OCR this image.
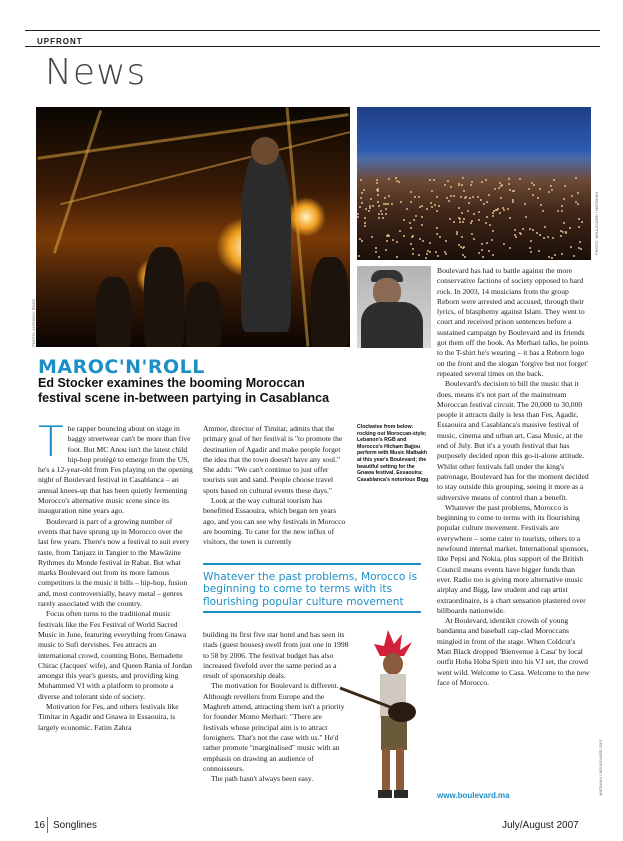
UPFRONT
News
PHOTO: ANTHONY ROSS
PHOTO: BOULEVARD / MATBAKH
MAROC'N'ROLL
Ed Stocker examines the booming Moroccan festival scene in-between partying in Casablanca
T he rapper bouncing about on stage in baggy streetwear can't be more than five foot. But MC Anou isn't the latest child hip-hop protégé to emerge from the US, he's a 12-year-old from Fes playing on the opening night of Boulevard festival in Casablanca – an annual knees-up that has been quietly fermenting Morocco's alternative music scene since its inauguration nine years ago.

Boulevard is part of a growing number of events that have sprung up in Morocco over the last few years. There's now a festival to suit every taste, from Tanjazz in Tangier to the Mawâzine Rythmes du Monde festival in Rabat. But what marks Boulevard out from its more famous competitors is the music it bills – hip-hop, fusion and, most controversially, heavy metal – genres rarely associated with the country.

Focus often turns to the traditional music festivals like the Fes Festival of World Sacred Music in June, featuring everything from Gnawa music to Sufi dervishes. Fes attracts an international crowd, counting Bono, Bernadette Chirac (Jacques' wife), and Queen Rania of Jordan amongst this year's guests, and providing king Mohammed VI with a platform to promote a diverse and tolerant side of society.

Motivation for Fes, and others festivals like Timitar in Agadir and Gnawa in Essaouira, is largely economic. Fatim Zahra

Ammor, director of Timitar, admits that the primary goal of her festival is "to promote the destination of Agadir and make people forget the idea that the town doesn't have any soul." She adds: "We can't continue to just offer tourists sun and sand. People choose travel spots based on cultural events these days."

Look at the way cultural tourism has benefitted Essaouira, which began ten years ago, and you can see why festivals in Morocco are booming. To cater for the new influx of visitors, the town is currently

Clockwise from below: rocking out Moroccan-style; Lebanon's RGB and Morocco's Hicham Bajjou perform with Music Matbakh at this year's Boulevard; the beautiful setting for the Gnawa festival, Essaouira; Casablanca's notorious Bigg
Whatever the past problems, Morocco is beginning to come to terms with its flourishing popular culture movement

building its first five star hotel and has seen its riads (guest houses) swell from just one in 1998 to 58 by 2006. The festival budget has also increased fivefold over the same period as a result of sponsorship deals.

The motivation for Boulevard is different. Although revellers from Europe and the Maghreb attend, attracting them isn't a priority for founder Momo Merhari: "There are festivals whose principal aim is to attract foreigners. That's not the case with us." He'd rather promote "marginalised" music with an emphasis on drawing an audience of connoisseurs.

The path hasn't always been easy.	MATBAKH / BOULEVARD 2007

Boulevard has had to battle against the more conservative factions of society opposed to hard rock. In 2003, 14 musicians from the group Reborn were arrested and accused, through their lyrics, of blasphemy against Islam. They went to court and received prison sentences before a sustained campaign by Boulevard and its friends got them off the hook. As Merhari talks, he points to the T-shirt he's wearing – it has a Reborn logo on the front and the slogan 'forgive but not forget' repeated several times on the back.

Boulevard's decision to bill the music that it does, means it's not part of the mainstream Moroccan festival circuit. The 20,000 to 30,000 people it attracts daily is less than Fes, Agadir, Essaouira and Casablanca's massive festival of music, cinema and urban art, Casa Music, at the end of July. But it's a youth festival that has purposely decided upon this go-it-alone attitude. Whilst other festivals fall under the king's patronage, Boulevard has for the moment decided to stay outside this grouping, seeing it more as a subversive means of control than a benefit.

Whatever the past problems, Morocco is beginning to come to terms with its flourishing popular culture movement. Festivals are everywhere – some cater to tourists, others to a newfound internal market. International sponsors, like Pepsi and Nokia, plus support of the British Council means events have bigger funds than ever. Radio too is giving more alternative music airplay and Bigg, law student and rap artist extraordinaire, is a chart sensation plastered over billboards nationwide.

At Boulevard, identikit crowds of young bandanna and baseball cap-clad Moroccans mingled in front of the stage. When Coldcut's Matt Black dropped 'Bienvenue à Casa' by local outfit Hoba Hoba Spirit into his VJ set, the crowd went wild. Welcome to Casa. Welcome to the new face of Morocco.

www.boulevard.ma
16 Songlines	July/August 2007
